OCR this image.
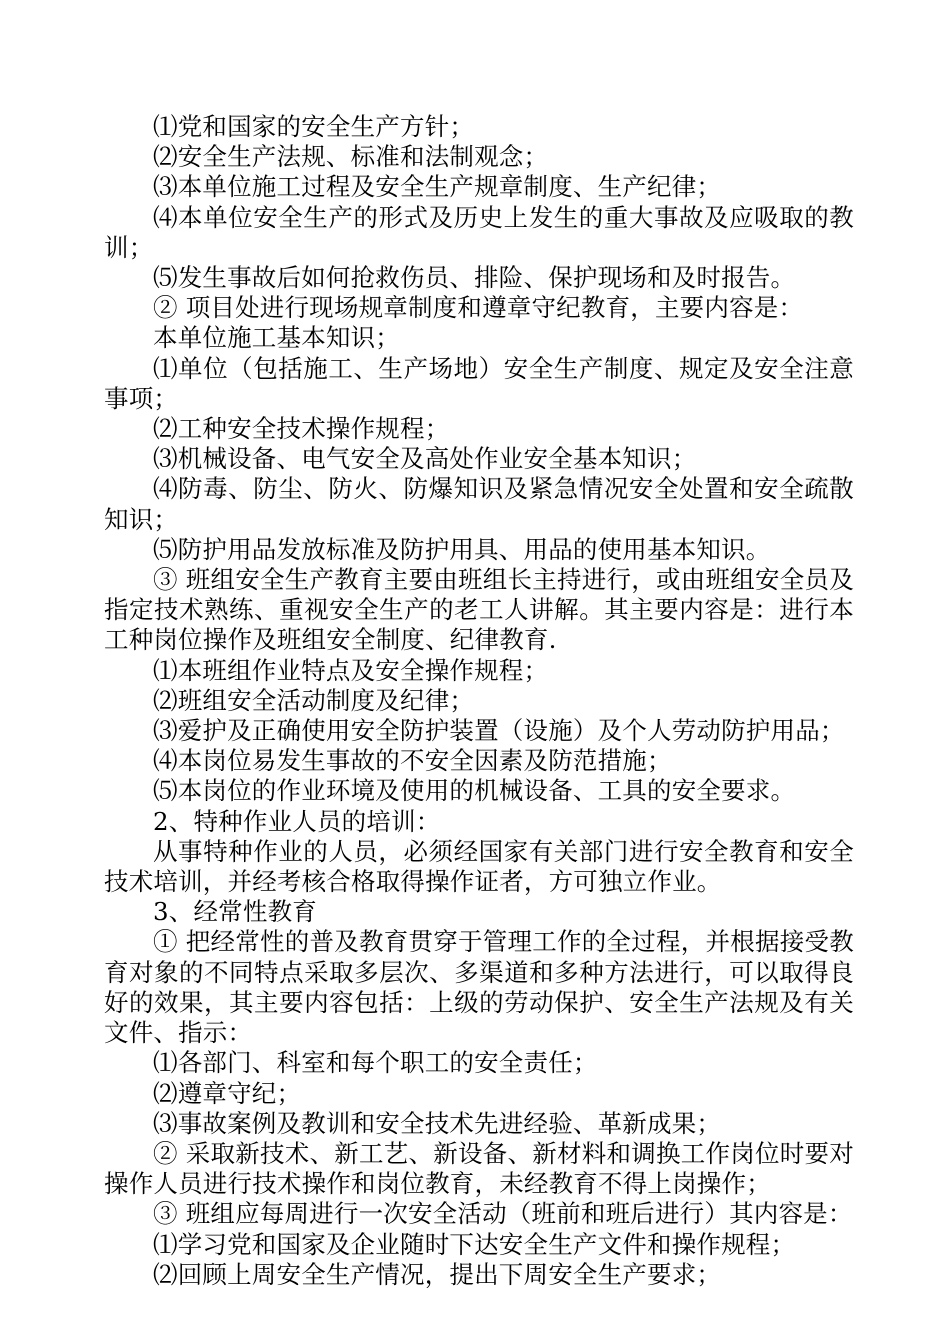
⑴党和国家的安全生产方针；

⑵安全生产法规、标准和法制观念；

⑶本单位施工过程及安全生产规章制度、生产纪律；

⑷本单位安全生产的形式及历史上发生的重大事故及应吸取的教训；

⑸发生事故后如何抢救伤员、排险、保护现场和及时报告。

② 项目处进行现场规章制度和遵章守纪教育，主要内容是：

本单位施工基本知识；

⑴单位（包括施工、生产场地）安全生产制度、规定及安全注意事项；

⑵工种安全技术操作规程；

⑶机械设备、电气安全及高处作业安全基本知识；

⑷防毒、防尘、防火、防爆知识及紧急情况安全处置和安全疏散知识；

⑸防护用品发放标准及防护用具、用品的使用基本知识。

③ 班组安全生产教育主要由班组长主持进行，或由班组安全员及指定技术熟练、重视安全生产的老工人讲解。其主要内容是：进行本工种岗位操作及班组安全制度、纪律教育.

⑴本班组作业特点及安全操作规程；

⑵班组安全活动制度及纪律；

⑶爱护及正确使用安全防护装置（设施）及个人劳动防护用品；

⑷本岗位易发生事故的不安全因素及防范措施；

⑸本岗位的作业环境及使用的机械设备、工具的安全要求。

2、特种作业人员的培训：

从事特种作业的人员，必须经国家有关部门进行安全教育和安全技术培训，并经考核合格取得操作证者，方可独立作业。

3、经常性教育

① 把经常性的普及教育贯穿于管理工作的全过程，并根据接受教育对象的不同特点采取多层次、多渠道和多种方法进行，可以取得良好的效果，其主要内容包括：上级的劳动保护、安全生产法规及有关文件、指示：

⑴各部门、科室和每个职工的安全责任；

⑵遵章守纪；

⑶事故案例及教训和安全技术先进经验、革新成果；

② 采取新技术、新工艺、新设备、新材料和调换工作岗位时要对操作人员进行技术操作和岗位教育，未经教育不得上岗操作；

③ 班组应每周进行一次安全活动（班前和班后进行）其内容是：

⑴学习党和国家及企业随时下达安全生产文件和操作规程；

⑵回顾上周安全生产情况，提出下周安全生产要求；
